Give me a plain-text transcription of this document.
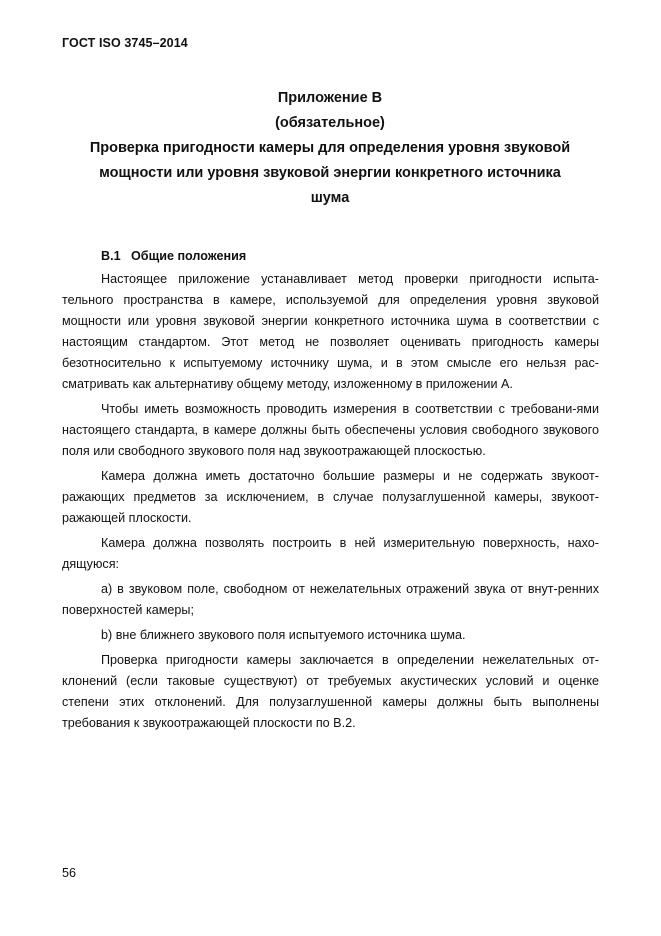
ГОСТ ISO 3745–2014
Приложение В
(обязательное)
Проверка пригодности камеры для определения уровня звуковой
мощности или уровня звуковой энергии конкретного источника
шума
В.1 Общие положения

Настоящее приложение устанавливает метод проверки пригодности испыта-тельного пространства в камере, используемой для определения уровня звуковой мощности или уровня звуковой энергии конкретного источника шума в соответствии с настоящим стандартом. Этот метод не позволяет оценивать пригодность камеры безотносительно к испытуемому источнику шума, и в этом смысле его нельзя рас-сматривать как альтернативу общему методу, изложенному в приложении А.

Чтобы иметь возможность проводить измерения в соответствии с требовани-ями настоящего стандарта, в камере должны быть обеспечены условия свободного звукового поля или свободного звукового поля над звукоотражающей плоскостью.

Камера должна иметь достаточно большие размеры и не содержать звукоот-ражающих предметов за исключением, в случае полузаглушенной камеры, звукоот-ражающей плоскости.

Камера должна позволять построить в ней измерительную поверхность, нахо-дящуюся:

а) в звуковом поле, свободном от нежелательных отражений звука от внут-ренних поверхностей камеры;

b) вне ближнего звукового поля испытуемого источника шума.

Проверка пригодности камеры заключается в определении нежелательных от-клонений (если таковые существуют) от требуемых акустических условий и оценке степени этих отклонений. Для полузаглушенной камеры должны быть выполнены требования к звукоотражающей плоскости по В.2.

56
